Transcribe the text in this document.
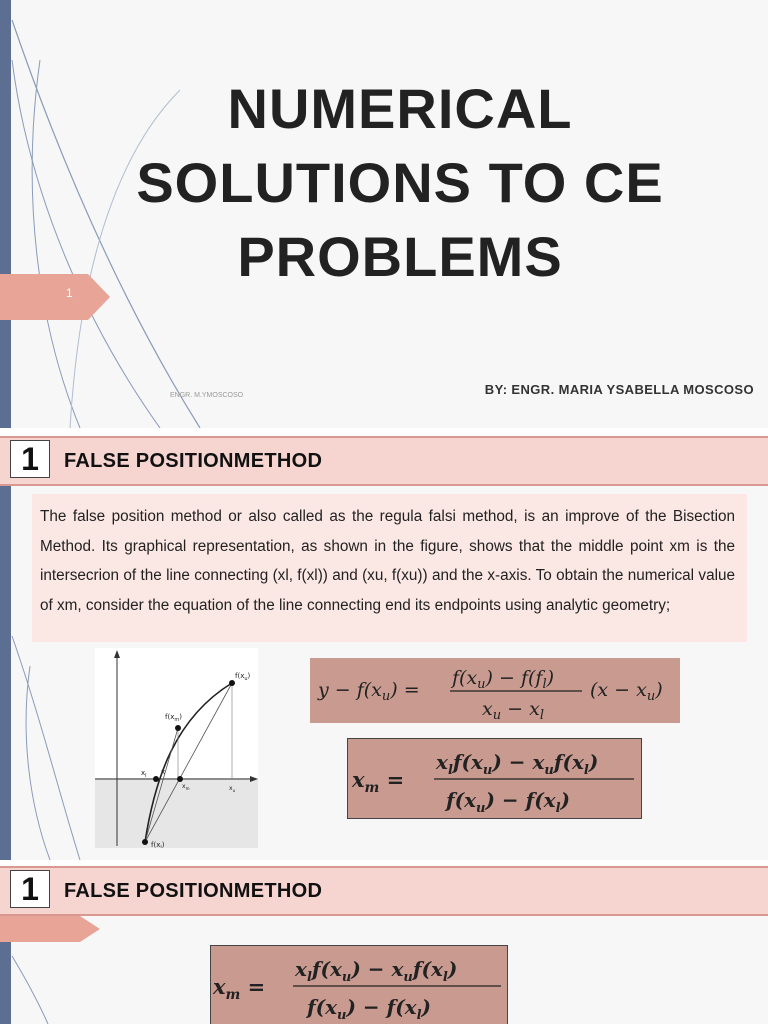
NUMERICAL
SOLUTIONS TO CE
PROBLEMS
1
ENGR. M.YMOSCOSO	BY: ENGR. MARIA YSABELLA MOSCOSO
1	FALSE POSITIONMETHOD
The false position method or also called as the regula falsi method, is an improve of the Bisection Method. Its graphical representation, as shown in the figure, shows that the middle point xm is the intersecrion of the line connecting (xl, f(xl)) and (xu, f(xu)) and the x-axis. To obtain the numerical value of xm, consider the equation of the line connecting end its endpoints using analytic geometry;
$f(x_u)$
$f(x_m)$
$f(x_l)$
$x_l$ x
$x_m$	$x_u$
$y - f(x_u)$ =
$f(x_u) - f(f_l)$
$x_u - x_l$
$(x - x_u)$
$x_m$ =
$x_lf(x_u) - x_uf(x_l)$
$f(x_u) - f(x_l)$
1	FALSE POSITIONMETHOD
$x_m$ =
$x_lf(x_u) - x_uf(x_l)$
$f(x_u) - f(x_l)$
